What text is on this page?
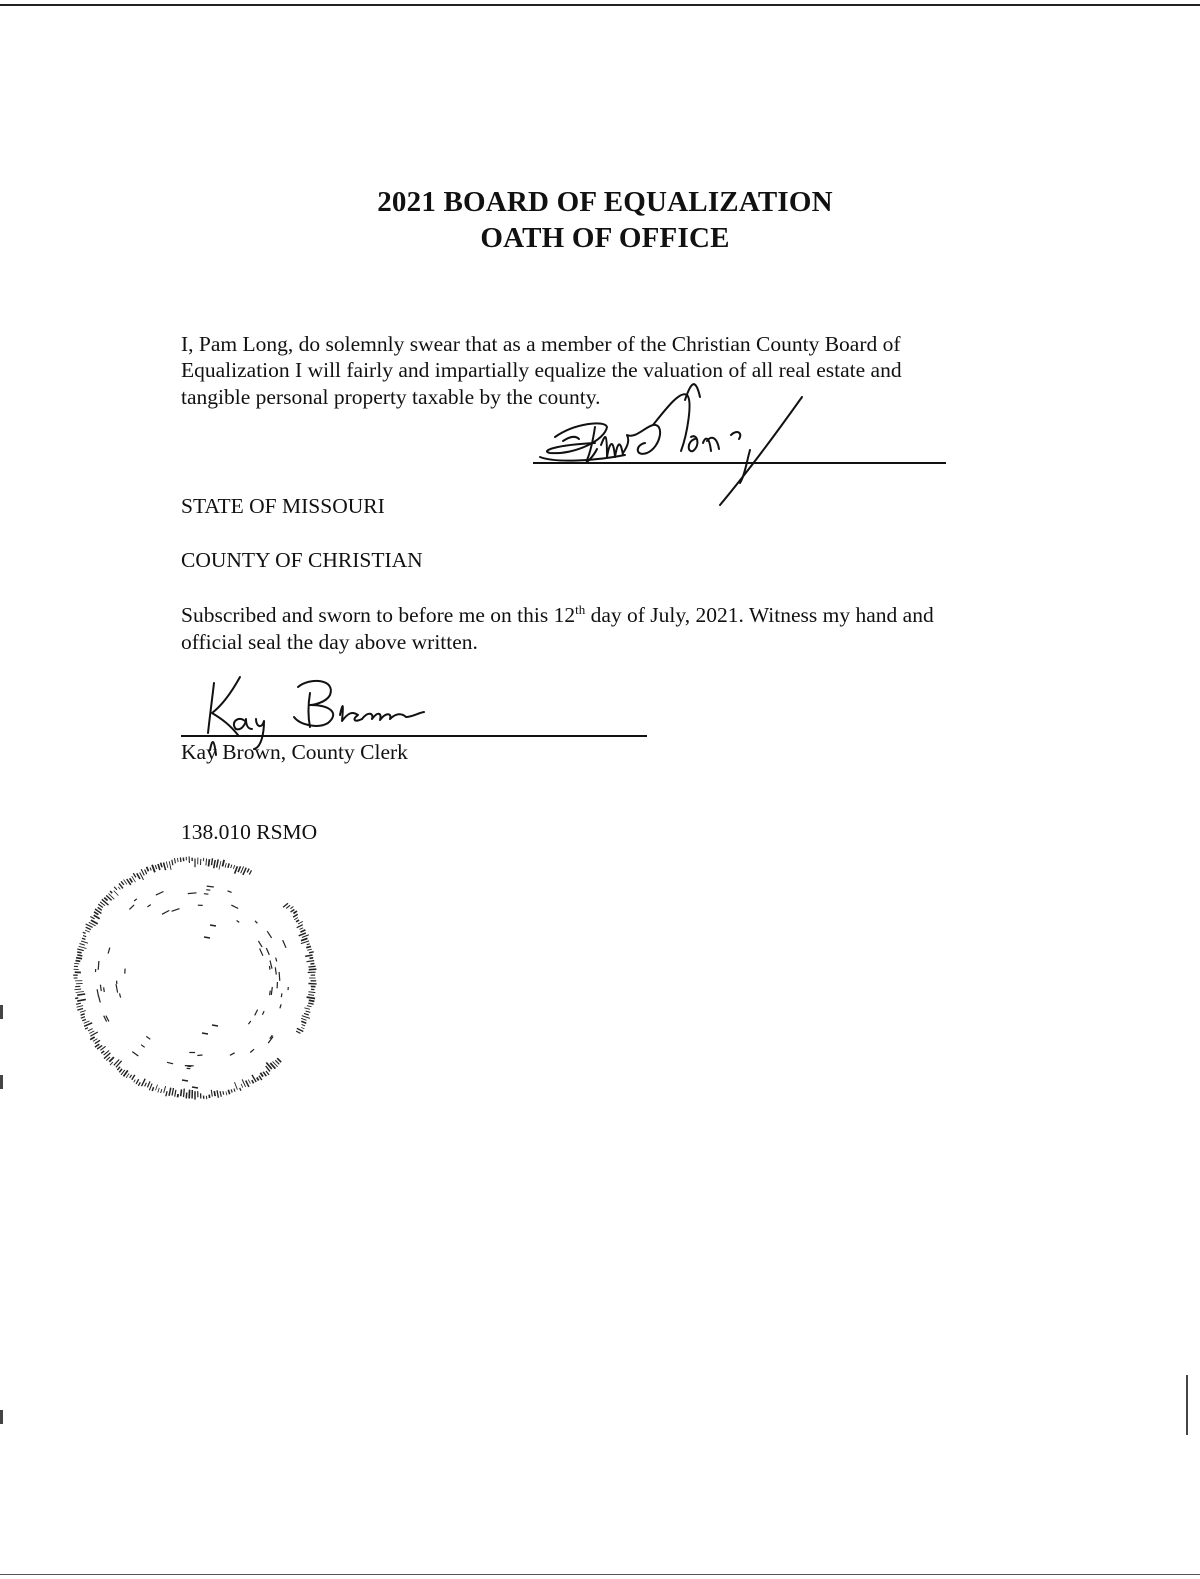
2021 BOARD OF EQUALIZATION
OATH OF OFFICE
I, Pam Long, do solemnly swear that as a member of the Christian County Board of
Equalization I will fairly and impartially equalize the valuation of all real estate and
tangible personal property taxable by the county.
STATE OF MISSOURI
COUNTY OF CHRISTIAN
Subscribed and sworn to before me on this 12th day of July, 2021. Witness my hand and
official seal the day above written.
Kay Brown, County Clerk
138.010 RSMO
